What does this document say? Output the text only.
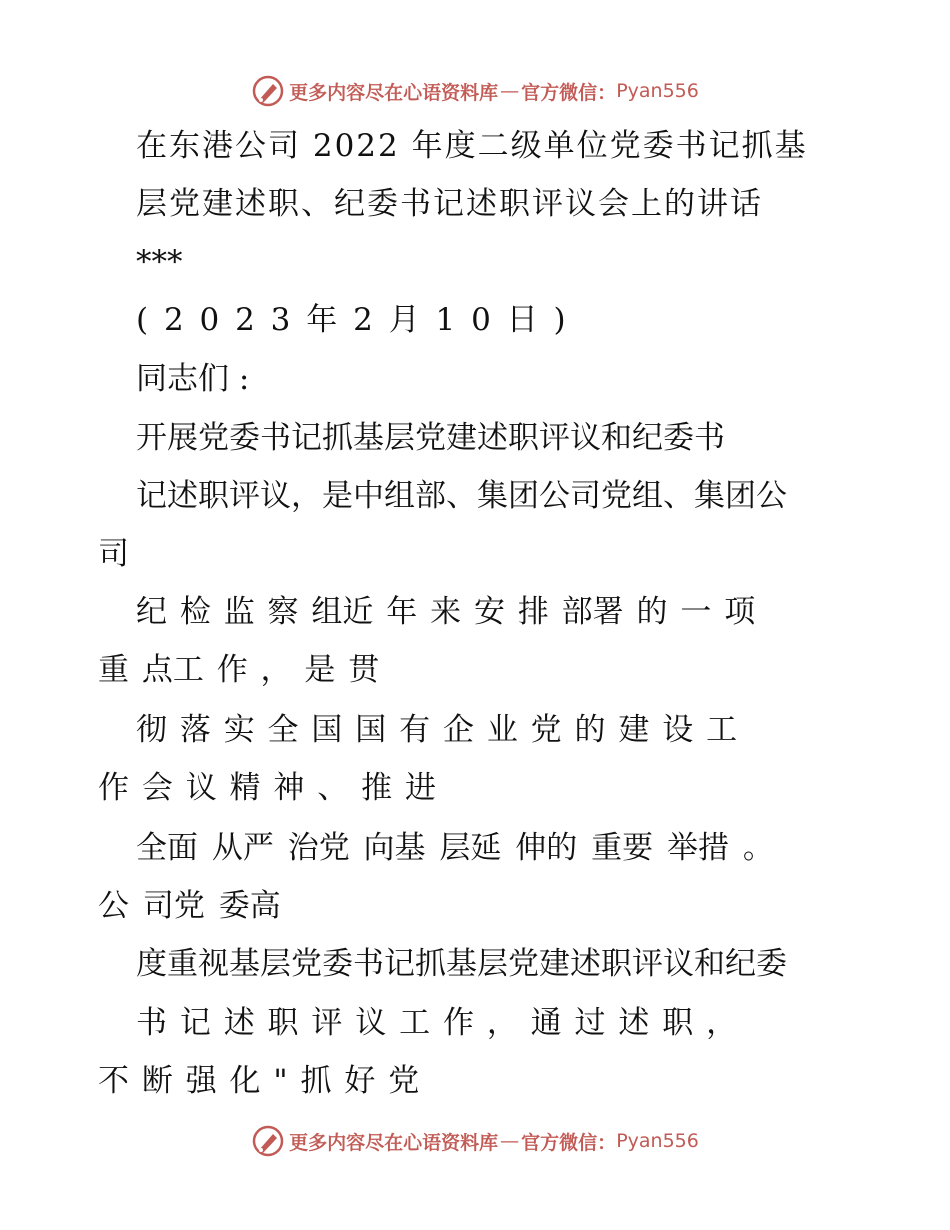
更多内容尽在心语资料库 — 官方微信： Pyan556
在东港公司 2022 年度二级单位党委书记抓基
层党建述职、纪委书记述职评议会上的讲话
***
( 2 0 2 3 年 2 月 1 0 日 )
同志们 :
开展党委书记抓基层党建述职评议和纪委书
记述职评议，是中组部、集团公司党组、集团公
司
纪 检 监 察 组近 年 来 安 排 部署 的 一 项
重 点工 作 ， 是 贯
彻 落 实 全 国 国 有 企 业 党 的 建 设 工
作 会 议 精 神 、 推 进
全面 从严 治党 向基 层延 伸的 重要 举措 。
公 司党 委高
度重视基层党委书记抓基层党建述职评议和纪委
书 记 述 职 评 议 工 作 ， 通 过 述 职 ，
不 断 强 化 " 抓 好 党
更多内容尽在心语资料库 — 官方微信： Pyan556
